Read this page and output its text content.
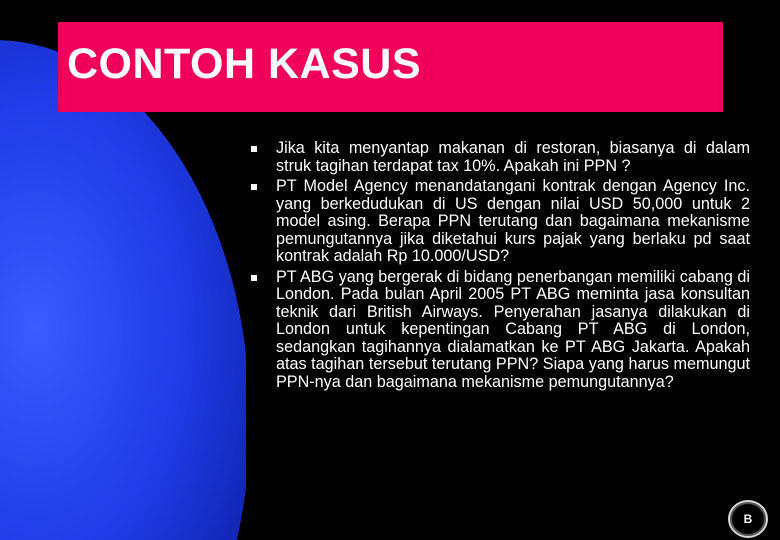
CONTOH KASUS
Jika kita menyantap makanan di restoran, biasanya di dalam struk tagihan terdapat tax 10%. Apakah ini PPN ?
PT Model Agency menandatangani kontrak dengan Agency Inc. yang berkedudukan di US dengan nilai USD 50,000 untuk 2 model asing. Berapa PPN terutang dan bagaimana mekanisme pemungutannya jika diketahui kurs pajak yang berlaku pd saat kontrak adalah Rp 10.000/USD?
PT ABG yang bergerak di bidang penerbangan memiliki cabang di London. Pada bulan April 2005 PT ABG meminta jasa konsultan teknik dari British Airways. Penyerahan jasanya dilakukan di London untuk kepentingan Cabang PT ABG di London, sedangkan tagihannya dialamatkan ke PT ABG Jakarta. Apakah atas tagihan tersebut terutang PPN? Siapa yang harus memungut PPN-nya dan bagaimana mekanisme pemungutannya?
B
